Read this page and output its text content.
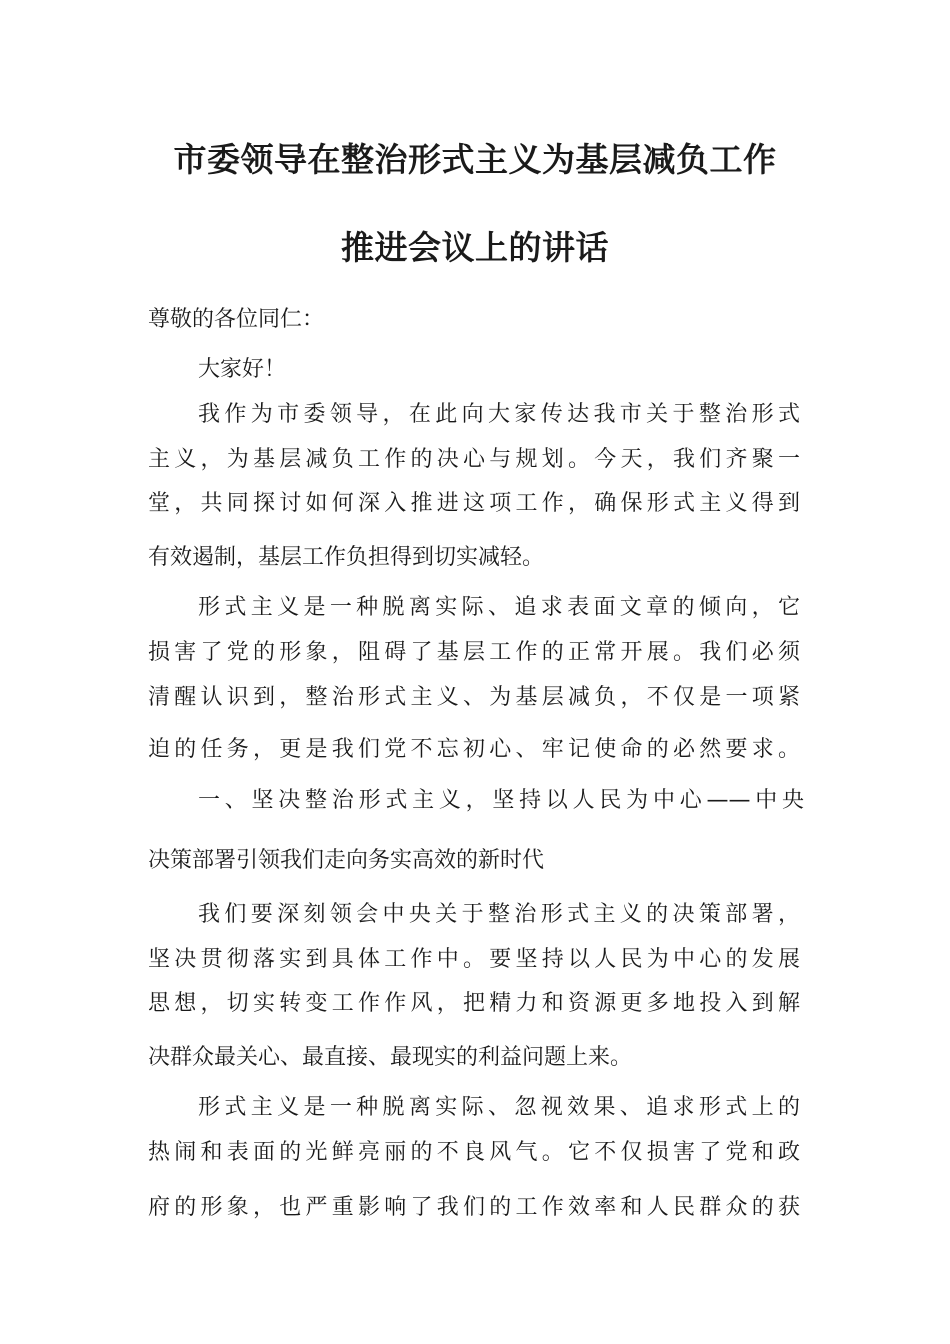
市委领导在整治形式主义为基层减负工作
推进会议上的讲话

尊敬的各位同仁：

大家好！

我作为市委领导，在此向大家传达我市关于整治形式

主义，为基层减负工作的决心与规划。今天，我们齐聚一

堂，共同探讨如何深入推进这项工作，确保形式主义得到

有效遏制，基层工作负担得到切实减轻。

形式主义是一种脱离实际、追求表面文章的倾向，它

损害了党的形象，阻碍了基层工作的正常开展。我们必须

清醒认识到，整治形式主义、为基层减负，不仅是一项紧

迫的任务，更是我们党不忘初心、牢记使命的必然要求。

一、坚决整治形式主义，坚持以人民为中心——中央

决策部署引领我们走向务实高效的新时代

我们要深刻领会中央关于整治形式主义的决策部署，

坚决贯彻落实到具体工作中。要坚持以人民为中心的发展

思想，切实转变工作作风，把精力和资源更多地投入到解

决群众最关心、最直接、最现实的利益问题上来。

形式主义是一种脱离实际、忽视效果、追求形式上的

热闹和表面的光鲜亮丽的不良风气。它不仅损害了党和政

府的形象，也严重影响了我们的工作效率和人民群众的获
